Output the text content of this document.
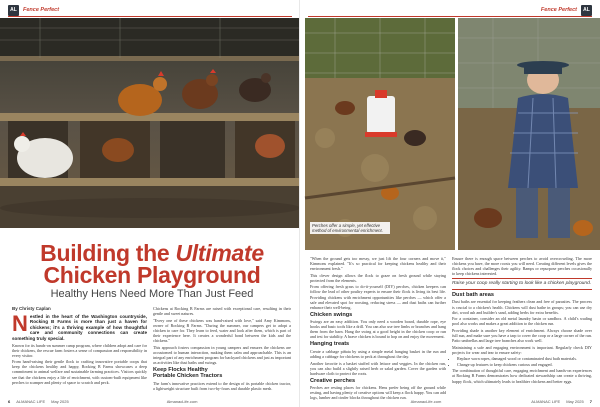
AL	Fence Perfect
Building the Ultimate
Chicken Playground
Healthy Hens Need More Than Just Feed
By Christy Caplan

Nestled in the heart of the Washington countryside, Rocking B Farms is more than just a haven for chickens; it's a thriving example of how thoughtful care and community connections can create something truly special.

Known for its hands-on summer camp program, where children adopt and care for their chickens, the rescue farm fosters a sense of compassion and responsibility in every visitor.

From hand-raising their gentle flock to crafting innovative portable coops that keep the chickens healthy and happy, Rocking B Farms showcases a deep commitment to animal welfare and sustainable farming practices. Visitors quickly see that the chickens enjoy a life of enrichment, with custom-built equipment like perches to scamper and plenty of space to scratch and peck.

Chickens at Rocking B Farms are raised with exceptional care, resulting in their gentle and sweet natures.

"Every one of these chickens was hand-raised with love," said Amy Kimmons, owner of Rocking B Farms. "During the summer, our campers get to adopt a chicken to care for. They learn to feed, water and look after them, which is part of their experience here. It creates a wonderful bond between the kids and the chickens."

This approach fosters compassion in young campers and ensures the chickens are accustomed to human interaction, making them calm and approachable. This is an integral part of any enrichment program for backyard chickens and just as important as activities like dust baths and swings.

Keep Flocks Healthy
Portable Chicken Tractors

The farm's innovative practices extend to the design of its portable chicken tractor, a lightweight structure built from two-by-fours and durable plastic mesh.

6 ALMANAC LIFE May 2025	AlmanacLife.com
Fence Perfect	AL
Perches offer a simple, yet effective method of environmental enrichment.

"When the ground gets too messy, we just lift the four corners and move it," Kimmons explained. "It's so practical for keeping chickens healthy and their environment fresh."

This clever design allows the flock to graze on fresh ground while staying protected from the elements.

From offering fresh grass to do-it-yourself (DIY) perches, chicken keepers can follow the lead of other poultry experts to ensure their flock is living its best life. Providing chickens with enrichment opportunities like perches — which offer a safe and elevated spot for roosting, reducing stress — and dust baths can further enhance their well-being.

Chicken swings

Swings are an easy addition. You only need a wooden board, durable rope, eye hooks and basic tools like a drill. You can also use tree limbs or branches and hang them from the barn. Hang the swing at a good height in the chicken coop or run and test for stability. A brave chicken is bound to hop on and enjoy the movement.

Hanging treats

Create a cabbage piñata by using a simple metal hanging basket in the run and adding a cabbage for chickens to peck at throughout the day.

Another favorite is a basket stuffed with lettuce and veggies. In the chicken run, you can also build a slightly raised herb or salad garden. Cover the garden with hardware cloth to protect the roots.

Creative perches

Perches are resting places for chickens. Hens prefer being off the ground while resting, and having plenty of creative options will keep a flock happy. You can add logs, lumber and cinder blocks throughout the chicken run.

Ensure there is enough space between perches to avoid overcrowding. The more chickens you have, the more roosts you will need. Creating different levels gives the flock choices and challenges their agility. Ramps or repurpose perches occasionally to keep chickens interested.

Raise your coop really starting to look like a chicken playground.

Dust bath areas

Dust baths are essential for keeping feathers clean and free of parasites. The process is crucial to a chicken's health. Chickens will dust bathe in groups; you can use dry dirt, wood ash and builder's sand, adding herbs for extra benefits.

For a container, consider an old metal laundry basin or sandbox. A child's wading pool also works and makes a great addition to the chicken run.

Providing shade is another key element of enrichment. Always choose shade over full sun, and make sure you have a tarp to cover the coop or a large corner of the run. Patio umbrellas and large tree branches also work well.

Maintaining a safe and engaging environment is important. Regularly check DIY projects for wear and tear to ensure safety:

• Replace worn ropes, damaged wood or contaminated dust bath materials.
• Change up features to keep chickens curious and engaged.

The combination of thoughtful care, engaging enrichment and hands-on experiences at Rocking B Farms demonstrates how dedicated stewardship can create a thriving, happy flock, which ultimately leads to healthier chickens and better eggs.

AlmanacLife.com	ALMANAC LIFE May 2025 7
